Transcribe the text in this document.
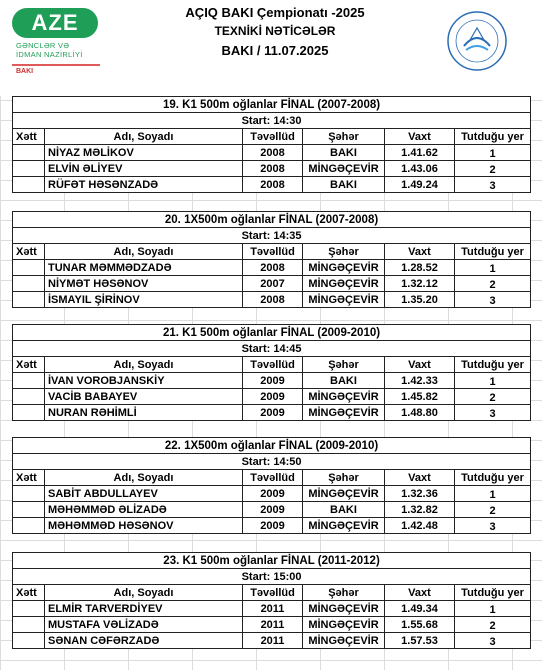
AZE
GƏNCLƏR VƏ
İDMAN NAZİRLİYİ
BAKI
AÇIQ BAKI Çempionatı -2025
TEXNİKİ NƏTİCƏLƏR
BAKI / 11.07.2025
19. K1 500m oğlanlar FİNAL (2007-2008)					
Start: 14:30					
Xətt	Adı, Soyadı	Təvəllüd	Şəhər	Vaxt	Tutduğu yer
	NİYAZ MƏLİKOV	2008	BAKI	1.41.62	1
	ELVİN ƏLİYEV	2008	MİNGƏÇEVİR	1.43.06	2
	RÜFƏT HƏSƏNZADƏ	2008	BAKI	1.49.24	3
20. 1X500m oğlanlar FİNAL (2007-2008)					
Start: 14:35					
Xətt	Adı, Soyadı	Təvəllüd	Şəhər	Vaxt	Tutduğu yer
	TUNAR MƏMMƏDZADƏ	2008	MİNGƏÇEVİR	1.28.52	1
	NİYMƏT HƏSƏNOV	2007	MİNGƏÇEVİR	1.32.12	2
	İSMAYIL ŞİRİNOV	2008	MİNGƏÇEVİR	1.35.20	3
21. K1 500m oğlanlar FİNAL (2009-2010)					
Start: 14:45					
Xətt	Adı, Soyadı	Təvəllüd	Şəhər	Vaxt	Tutduğu yer
	İVAN VOROBJANSKİY	2009	BAKI	1.42.33	1
	VACİB BABAYEV	2009	MİNGƏÇEVİR	1.45.82	2
	NURAN RƏHİMLİ	2009	MİNGƏÇEVİR	1.48.80	3
22. 1X500m oğlanlar FİNAL (2009-2010)					
Start: 14:50					
Xətt	Adı, Soyadı	Təvəllüd	Şəhər	Vaxt	Tutduğu yer
	SABİT ABDULLAYEV	2009	MİNGƏÇEVİR	1.32.36	1
	MƏHƏMMƏD ƏLİZADƏ	2009	BAKI	1.32.82	2
	MƏHƏMMƏD HƏSƏNOV	2009	MİNGƏÇEVİR	1.42.48	3
23. K1 500m oğlanlar FİNAL (2011-2012)					
Start: 15:00					
Xətt	Adı, Soyadı	Təvəllüd	Şəhər	Vaxt	Tutduğu yer
	ELMİR TARVERDİYEV	2011	MİNGƏÇEVİR	1.49.34	1
	MUSTAFA VƏLİZADƏ	2011	MİNGƏÇEVİR	1.55.68	2
	SƏNAN CƏFƏRZADƏ	2011	MİNGƏÇEVİR	1.57.53	3
